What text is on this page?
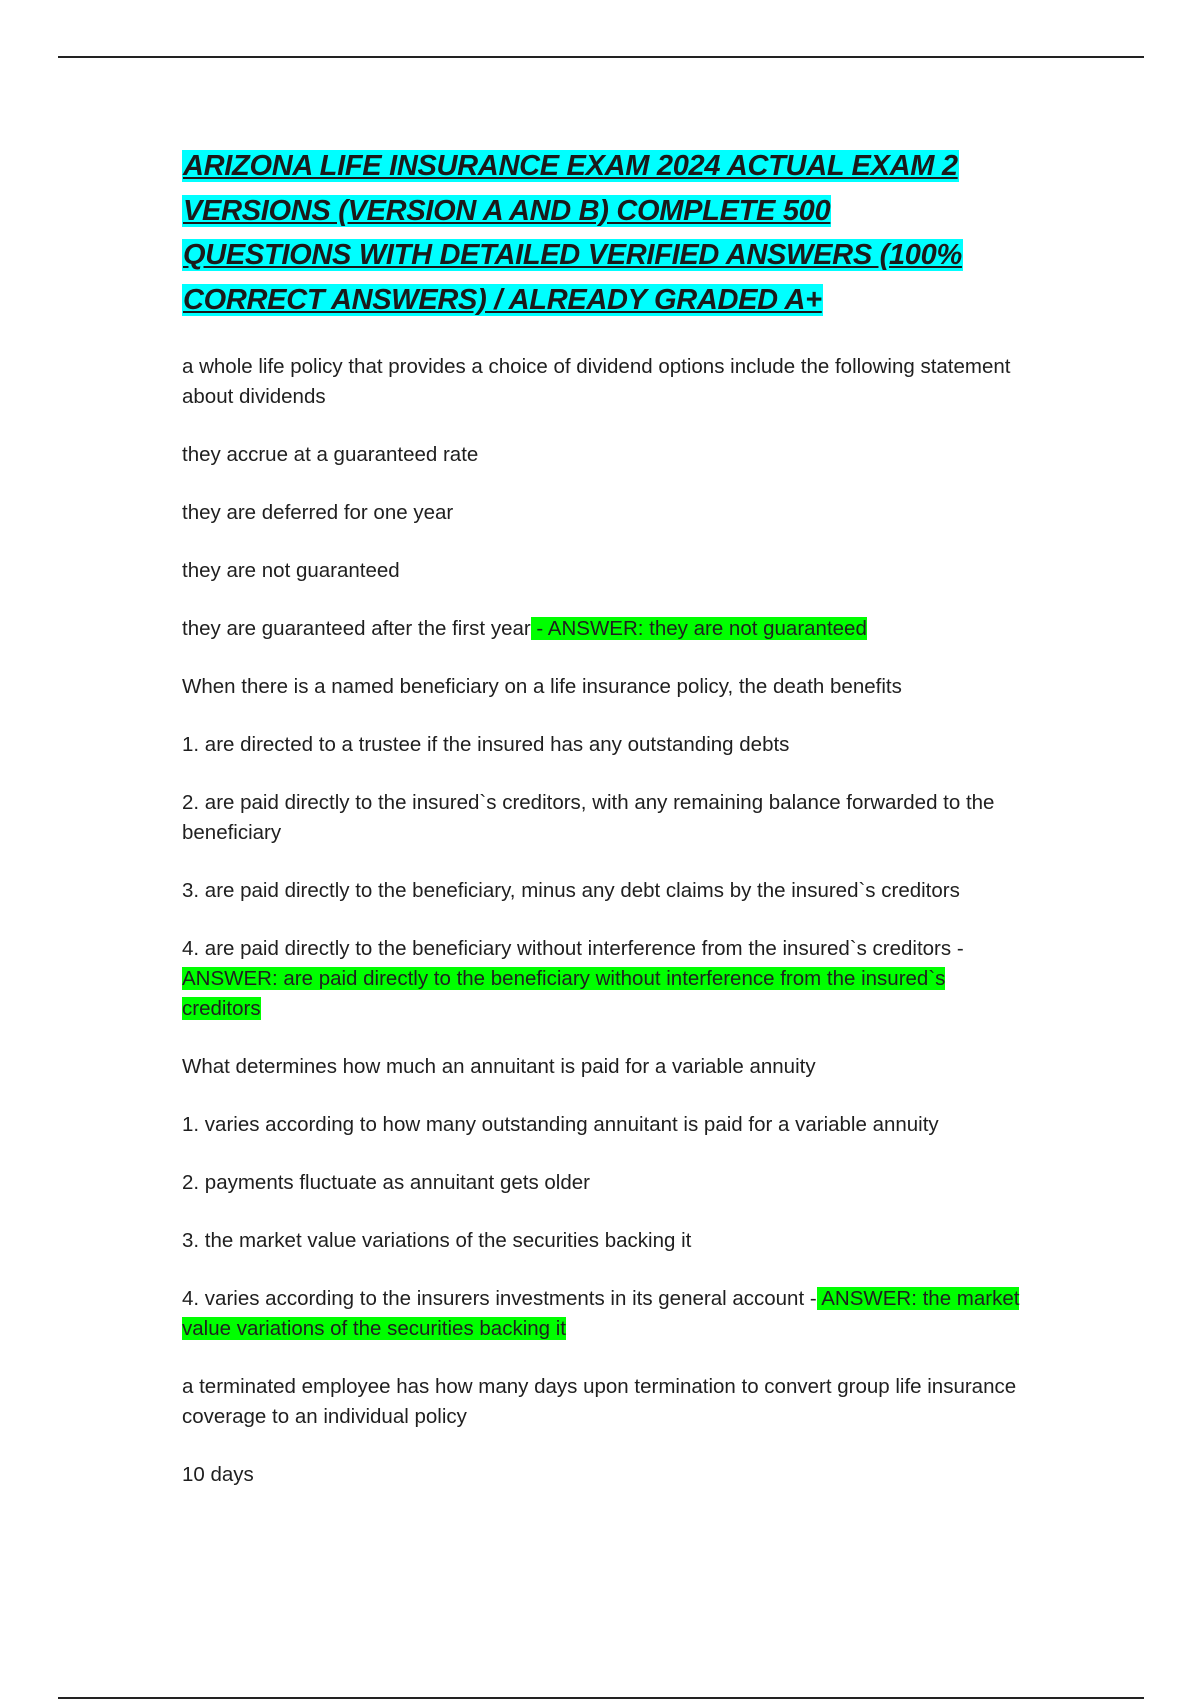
ARIZONA LIFE INSURANCE EXAM 2024 ACTUAL EXAM 2
VERSIONS (VERSION A AND B) COMPLETE 500
QUESTIONS WITH DETAILED VERIFIED ANSWERS (100%
CORRECT ANSWERS) / ALREADY GRADED A+

a whole life policy that provides a choice of dividend options include the following statement about dividends

they accrue at a guaranteed rate

they are deferred for one year

they are not guaranteed

they are guaranteed after the first year - ANSWER: they are not guaranteed

When there is a named beneficiary on a life insurance policy, the death benefits

1. are directed to a trustee if the insured has any outstanding debts

2. are paid directly to the insured`s creditors, with any remaining balance forwarded to the beneficiary

3. are paid directly to the beneficiary, minus any debt claims by the insured`s creditors

4. are paid directly to the beneficiary without interference from the insured`s creditors - ANSWER: are paid directly to the beneficiary without interference from the insured`s creditors

What determines how much an annuitant is paid for a variable annuity

1. varies according to how many outstanding annuitant is paid for a variable annuity

2. payments fluctuate as annuitant gets older

3. the market value variations of the securities backing it

4. varies according to the insurers investments in its general account - ANSWER: the market value variations of the securities backing it

a terminated employee has how many days upon termination to convert group life insurance coverage to an individual policy

10 days
